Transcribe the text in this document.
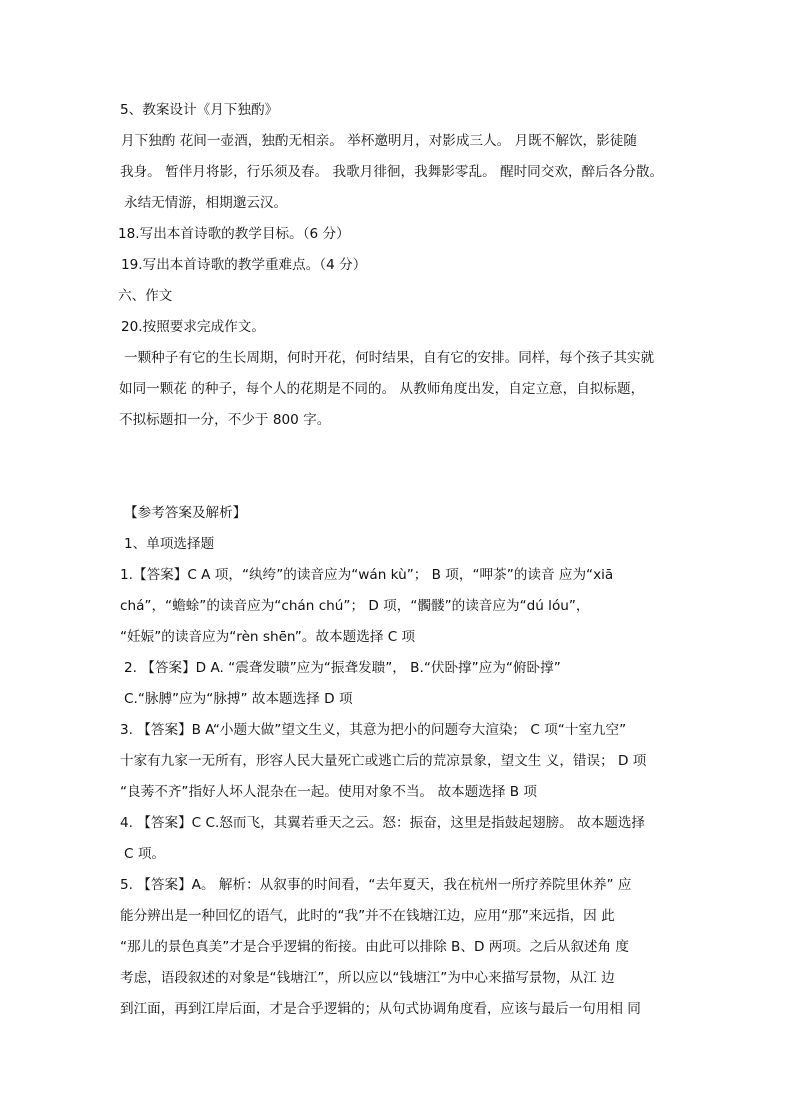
5、教案设计《月下独酌》
月下独酌 花间一壶酒，独酌无相亲。 举杯邀明月，对影成三人。 月既不解饮，影徒随
我身。 暂伴月将影，行乐须及春。 我歌月徘徊，我舞影零乱。 醒时同交欢，醉后各分散。
永结无情游，相期邈云汉。
18.写出本首诗歌的教学目标。（6 分）
19.写出本首诗歌的教学重难点。（4 分）
六、作文
20.按照要求完成作文。
一颗种子有它的生长周期，何时开花，何时结果，自有它的安排。同样，每个孩子其实就
如同一颗花 的种子，每个人的花期是不同的。 从教师角度出发，自定立意，自拟标题，
不拟标题扣一分，不少于 800 字。
【参考答案及解析】
1、单项选择题
1.【答案】C A 项，“纨绔”的读音应为“wán kù”； B 项，“呷茶”的读音 应为“xiā
chá”，“蟾蜍”的读音应为“chán chú”； D 项，“髑髅”的读音应为“dú lóu”，
“妊娠”的读音应为“rèn shēn”。故本题选择 C 项
2. 【答案】D A. “震聋发聩”应为“振聋发聩”， B.“伏卧撑”应为“俯卧撑”
C.“脉膊”应为“脉搏” 故本题选择 D 项
3. 【答案】B A“小题大做”望文生义，其意为把小的问题夸大渲染； C 项“十室九空”
十家有九家一无所有，形容人民大量死亡或逃亡后的荒凉景象，望文生 义，错误； D 项
“良莠不齐”指好人坏人混杂在一起。使用对象不当。 故本题选择 B 项
4. 【答案】C C.怒而飞，其翼若垂天之云。怒：振奋，这里是指鼓起翅膀。 故本题选择
C 项。
5. 【答案】A。 解析：从叙事的时间看，“去年夏天，我在杭州一所疗养院里休养” 应
能分辨出是一种回忆的语气，此时的“我”并不在钱塘江边，应用“那”来远指，因 此
“那儿的景色真美”才是合乎逻辑的衔接。由此可以排除 B、D 两项。之后从叙述角 度
考虑，语段叙述的对象是“钱塘江”，所以应以“钱塘江”为中心来描写景物，从江 边
到江面，再到江岸后面，才是合乎逻辑的；从句式协调角度看，应该与最后一句用相 同
